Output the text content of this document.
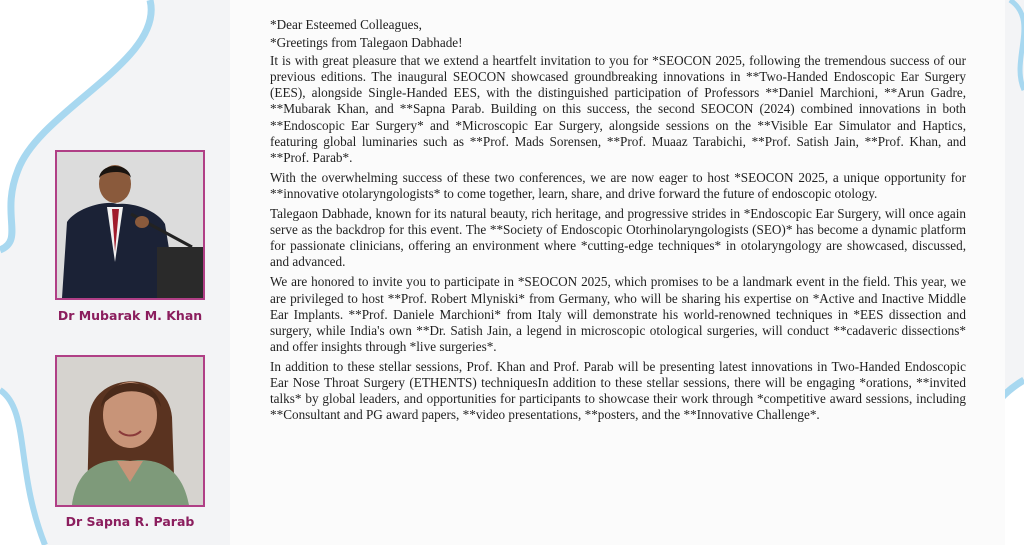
Dr Mubarak M. Khan
Dr Sapna R. Parab

*Dear Esteemed Colleagues,

*Greetings from Talegaon Dabhade!

It is with great pleasure that we extend a heartfelt invitation to you for *SEOCON 2025, following the tremendous success of our previous editions. The inaugural SEOCON showcased groundbreaking innovations in **Two-Handed Endoscopic Ear Surgery (EES), alongside Single-Handed EES, with the distinguished participation of Professors **Daniel Marchioni, **Arun Gadre, **Mubarak Khan, and **Sapna Parab. Building on this success, the second SEOCON (2024) combined innovations in both **Endoscopic Ear Surgery* and *Microscopic Ear Surgery, alongside sessions on the **Visible Ear Simulator and Haptics, featuring global luminaries such as **Prof. Mads Sorensen, **Prof. Muaaz Tarabichi, **Prof. Satish Jain, **Prof. Khan, and **Prof. Parab*.

With the overwhelming success of these two conferences, we are now eager to host *SEOCON 2025, a unique opportunity for **innovative otolaryngologists* to come together, learn, share, and drive forward the future of endoscopic otology.

Talegaon Dabhade, known for its natural beauty, rich heritage, and progressive strides in *Endoscopic Ear Surgery, will once again serve as the backdrop for this event. The **Society of Endoscopic Otorhinolaryngologists (SEO)* has become a dynamic platform for passionate clinicians, offering an environment where *cutting-edge techniques* in otolaryngology are showcased, discussed, and advanced.

We are honored to invite you to participate in *SEOCON 2025, which promises to be a landmark event in the field. This year, we are privileged to host **Prof. Robert Mlyniski* from Germany, who will be sharing his expertise on *Active and Inactive Middle Ear Implants. **Prof. Daniele Marchioni* from Italy will demonstrate his world-renowned techniques in *EES dissection and surgery, while India's own **Dr. Satish Jain, a legend in microscopic otological surgeries, will conduct **cadaveric dissections* and offer insights through *live surgeries*.

In addition to these stellar sessions, Prof. Khan and Prof. Parab will be presenting latest innovations in Two-Handed Endoscopic Ear Nose Throat Surgery (ETHENTS) techniquesIn addition to these stellar sessions, there will be engaging *orations, **invited talks* by global leaders, and opportunities for participants to showcase their work through *competitive award sessions, including **Consultant and PG award papers, **video presentations, **posters, and the **Innovative Challenge*.
